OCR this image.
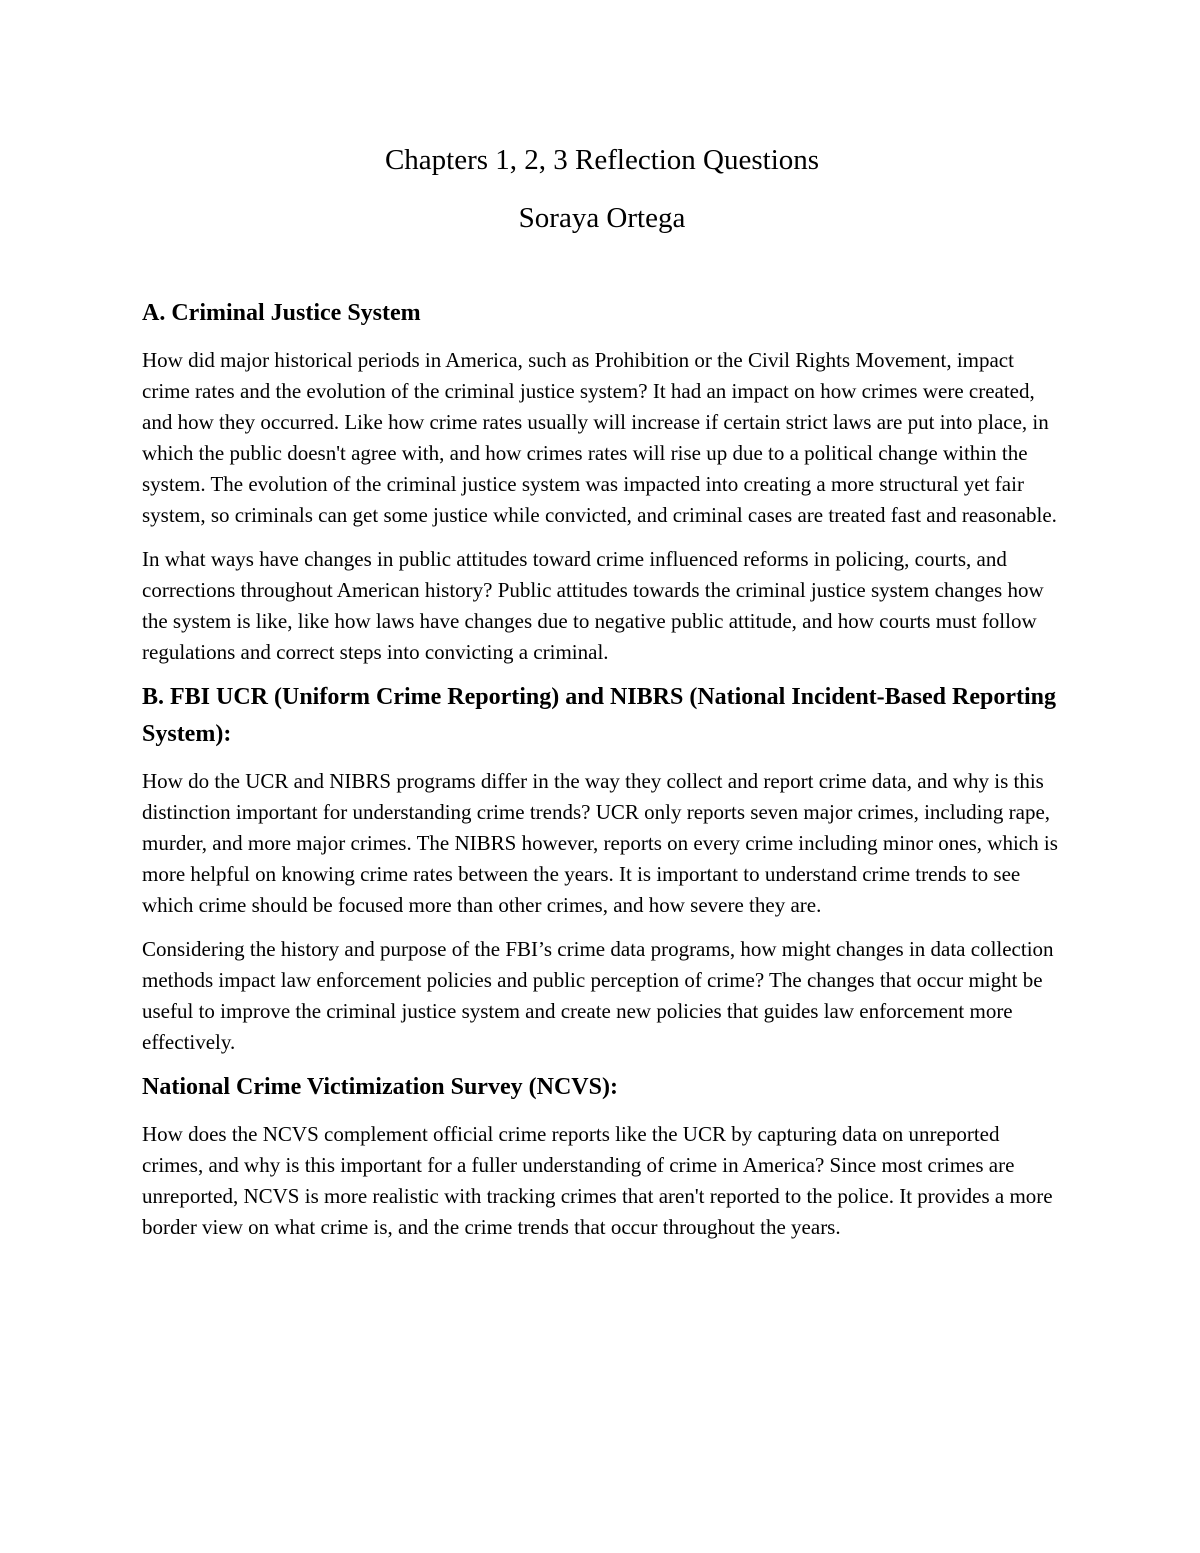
Chapters 1, 2, 3 Reflection Questions
Soraya Ortega
A. Criminal Justice System

How did major historical periods in America, such as Prohibition or the Civil Rights Movement, impact crime rates and the evolution of the criminal justice system? It had an impact on how crimes were created, and how they occurred. Like how crime rates usually will increase if certain strict laws are put into place, in which the public doesn't agree with, and how crimes rates will rise up due to a political change within the system. The evolution of the criminal justice system was impacted into creating a more structural yet fair system, so criminals can get some justice while convicted, and criminal cases are treated fast and reasonable.

In what ways have changes in public attitudes toward crime influenced reforms in policing, courts, and corrections throughout American history? Public attitudes towards the criminal justice system changes how the system is like, like how laws have changes due to negative public attitude, and how courts must follow regulations and correct steps into convicting a criminal.

B. FBI UCR (Uniform Crime Reporting) and NIBRS (National Incident-Based Reporting System):

How do the UCR and NIBRS programs differ in the way they collect and report crime data, and why is this distinction important for understanding crime trends? UCR only reports seven major crimes, including rape, murder, and more major crimes. The NIBRS however, reports on every crime including minor ones, which is more helpful on knowing crime rates between the years. It is important to understand crime trends to see which crime should be focused more than other crimes, and how severe they are.

Considering the history and purpose of the FBI’s crime data programs, how might changes in data collection methods impact law enforcement policies and public perception of crime? The changes that occur might be useful to improve the criminal justice system and create new policies that guides law enforcement more effectively.

National Crime Victimization Survey (NCVS):

How does the NCVS complement official crime reports like the UCR by capturing data on unreported crimes, and why is this important for a fuller understanding of crime in America? Since most crimes are unreported, NCVS is more realistic with tracking crimes that aren't reported to the police. It provides a more border view on what crime is, and the crime trends that occur throughout the years.
